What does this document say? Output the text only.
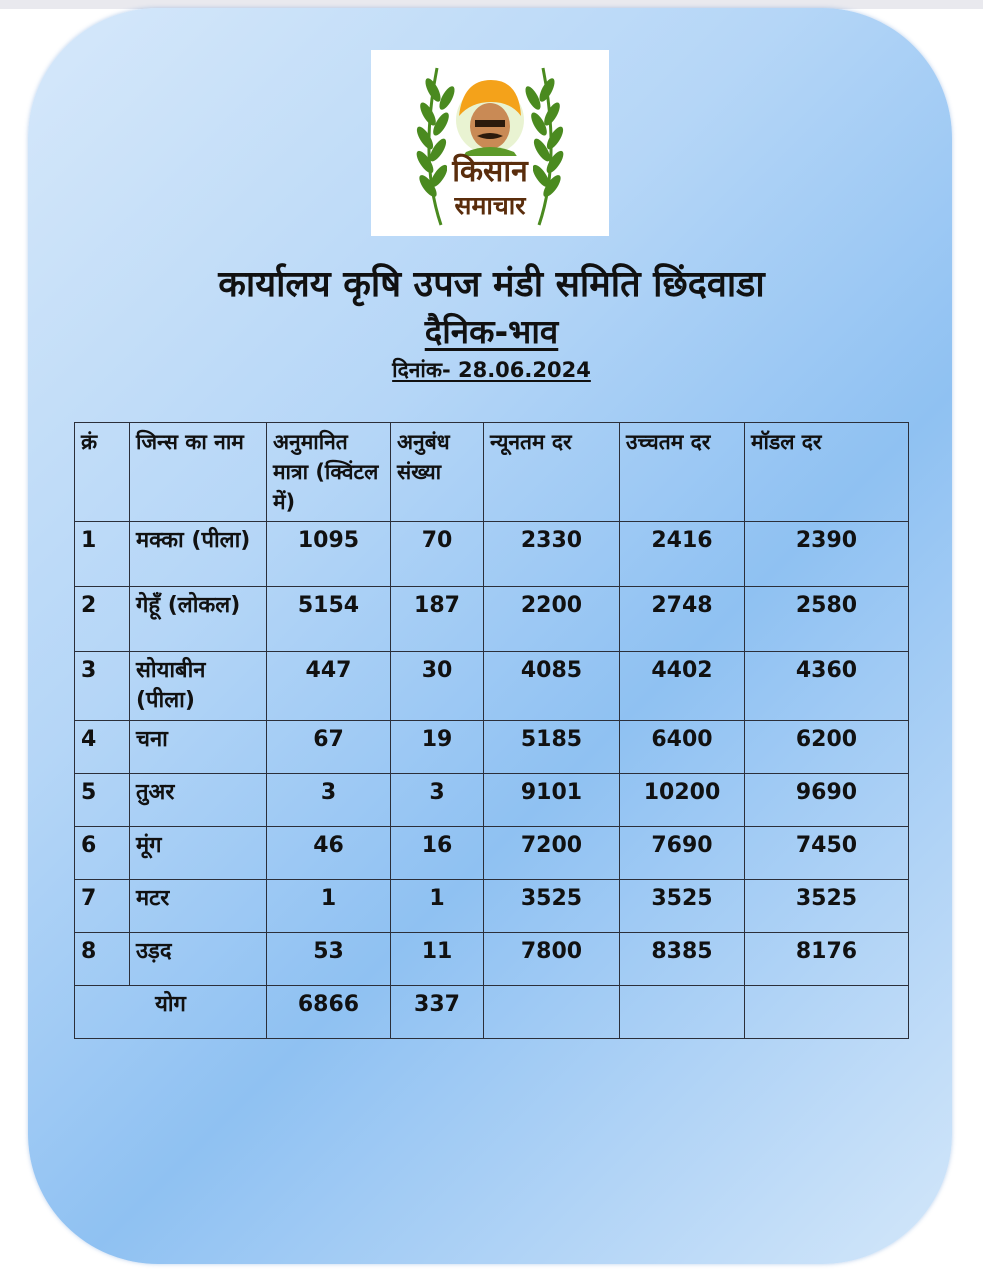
किसान
समाचार
कार्यालय कृषि उपज मंडी समिति छिंदवाडा
दैनिक-भाव
दिनांक- 28.06.2024
क्रं	जिन्स का नाम	अनुमानित मात्रा (क्विंटल में)	अनुबंध संख्या	न्यूनतम दर	उच्चतम दर	मॉडल दर
1	मक्का (पीला)	1095	70	2330	2416	2390
2	गेहूँ (लोकल)	5154	187	2200	2748	2580
3	सोयाबीन (पीला)	447	30	4085	4402	4360
4	चना	67	19	5185	6400	6200
5	तुअर	3	3	9101	10200	9690
6	मूंग	46	16	7200	7690	7450
7	मटर	1	1	3525	3525	3525
8	उड़द	53	11	7800	8385	8176
योग		6866	337			
